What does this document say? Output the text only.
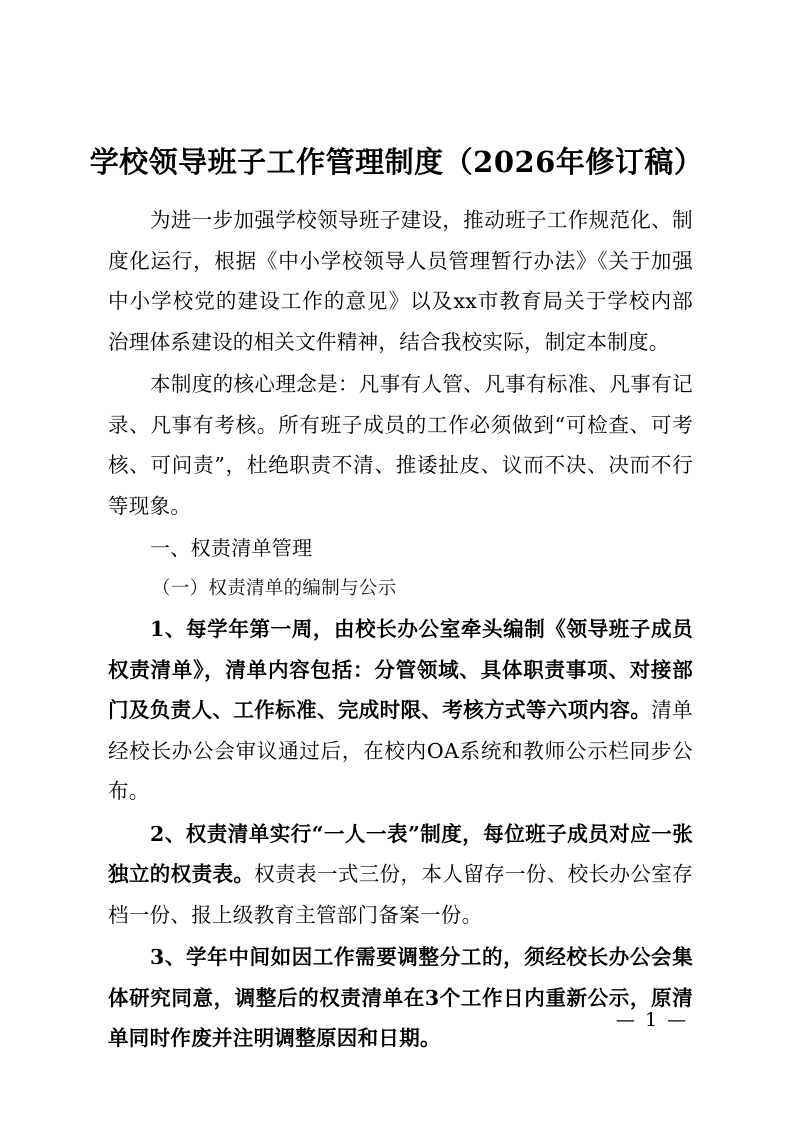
学校领导班子工作管理制度（2026年修订稿）

为进一步加强学校领导班子建设，推动班子工作规范化、制度化运行，根据《中小学校领导人员管理暂行办法》《关于加强中小学校党的建设工作的意见》以及xx市教育局关于学校内部治理体系建设的相关文件精神，结合我校实际，制定本制度。

本制度的核心理念是：凡事有人管、凡事有标准、凡事有记录、凡事有考核。所有班子成员的工作必须做到“可检查、可考核、可问责”，杜绝职责不清、推诿扯皮、议而不决、决而不行等现象。

一、权责清单管理

（一）权责清单的编制与公示

1、每学年第一周，由校长办公室牵头编制《领导班子成员权责清单》，清单内容包括：分管领域、具体职责事项、对接部门及负责人、工作标准、完成时限、考核方式等六项内容。清单经校长办公会审议通过后，在校内OA系统和教师公示栏同步公布。

2、权责清单实行“一人一表”制度，每位班子成员对应一张独立的权责表。权责表一式三份，本人留存一份、校长办公室存档一份、报上级教育主管部门备案一份。

3、学年中间如因工作需要调整分工的，须经校长办公会集体研究同意，调整后的权责清单在3个工作日内重新公示，原清单同时作废并注明调整原因和日期。

— 1 —
